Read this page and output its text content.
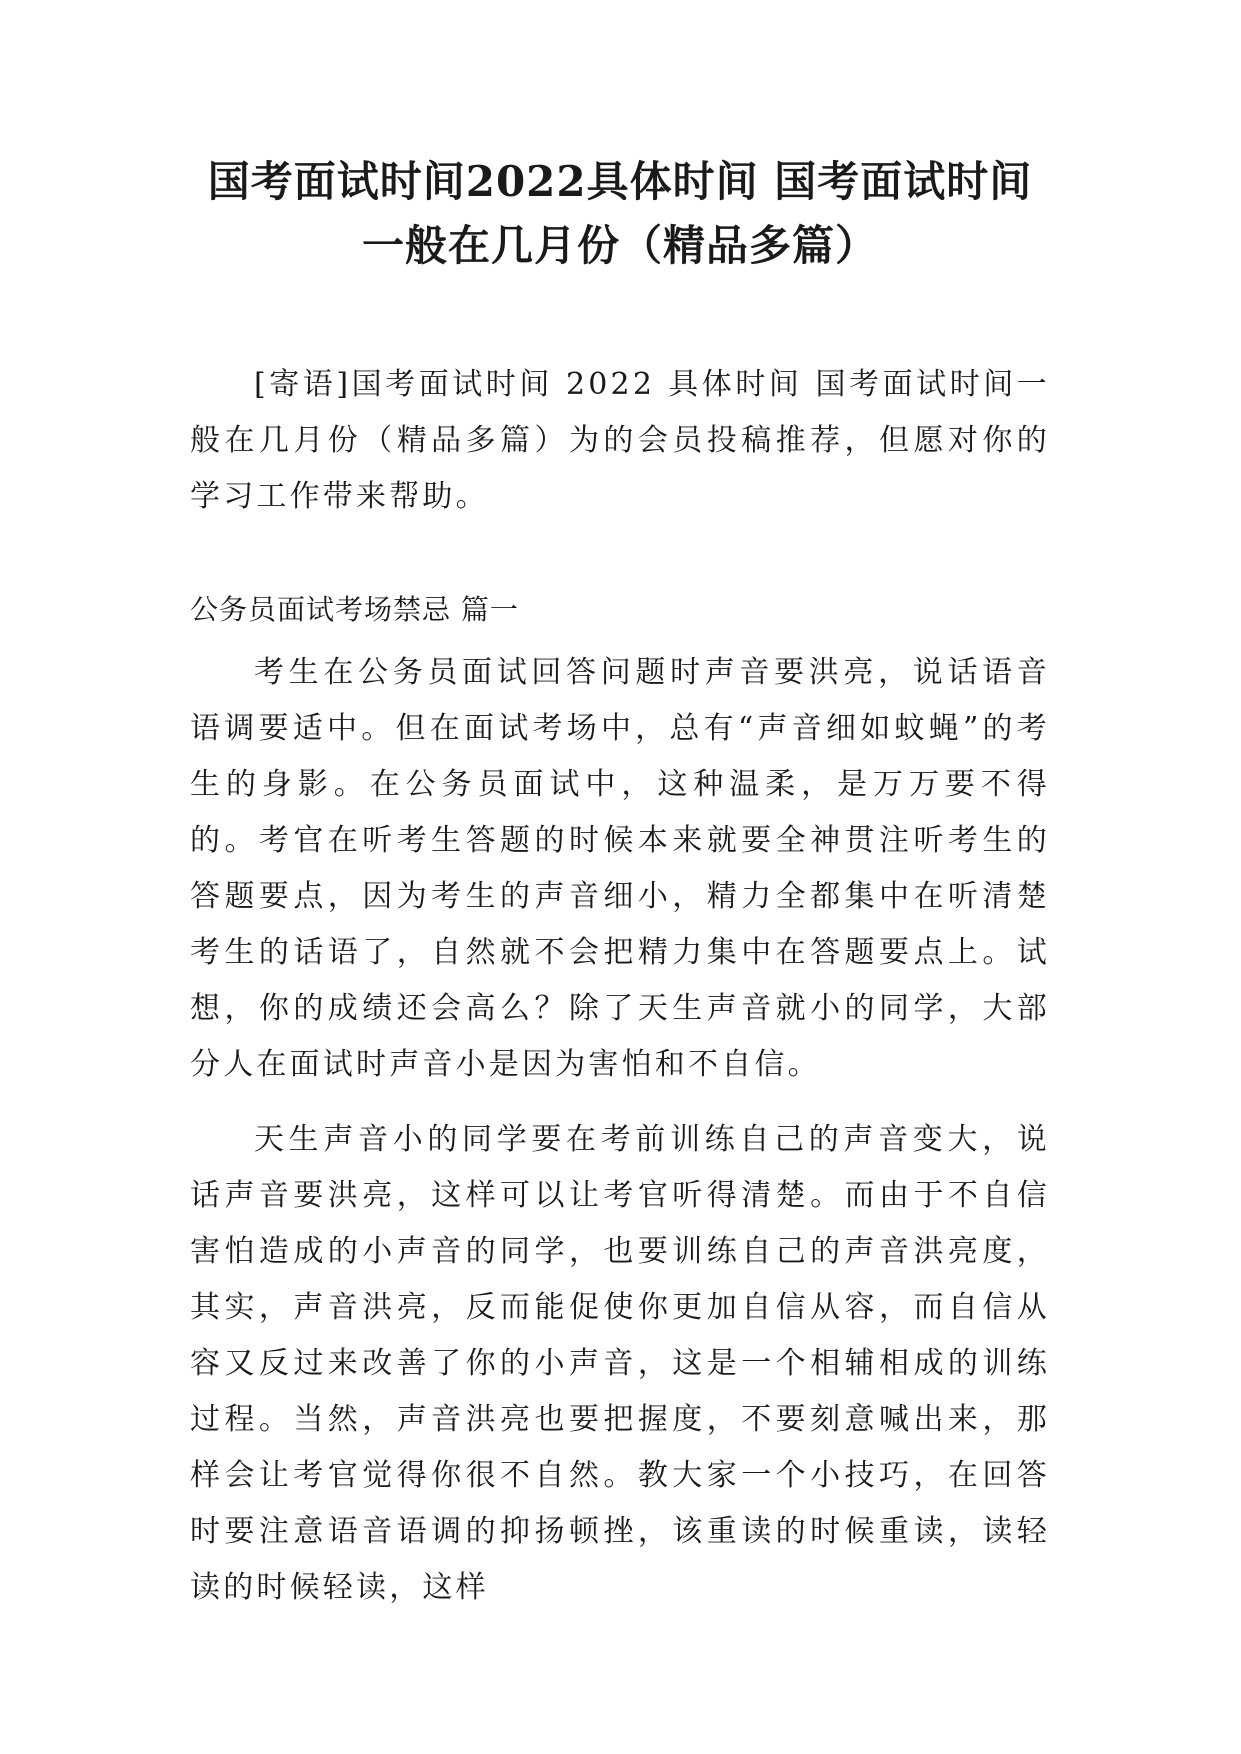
国考面试时间2022具体时间 国考面试时间
一般在几月份（精品多篇）

[寄语]国考面试时间 2022 具体时间 国考面试时间一般在几月份（精品多篇）为的会员投稿推荐，但愿对你的学习工作带来帮助。

公务员面试考场禁忌 篇一

考生在公务员面试回答问题时声音要洪亮，说话语音语调要适中。但在面试考场中，总有“声音细如蚊蝇”的考生的身影。在公务员面试中，这种温柔，是万万要不得的。考官在听考生答题的时候本来就要全神贯注听考生的答题要点，因为考生的声音细小，精力全都集中在听清楚考生的话语了，自然就不会把精力集中在答题要点上。试想，你的成绩还会高么？除了天生声音就小的同学，大部分人在面试时声音小是因为害怕和不自信。

天生声音小的同学要在考前训练自己的声音变大，说话声音要洪亮，这样可以让考官听得清楚。而由于不自信害怕造成的小声音的同学，也要训练自己的声音洪亮度，其实，声音洪亮，反而能促使你更加自信从容，而自信从容又反过来改善了你的小声音，这是一个相辅相成的训练过程。当然，声音洪亮也要把握度，不要刻意喊出来，那样会让考官觉得你很不自然。教大家一个小技巧，在回答时要注意语音语调的抑扬顿挫，该重读的时候重读，读轻读的时候轻读，这样
